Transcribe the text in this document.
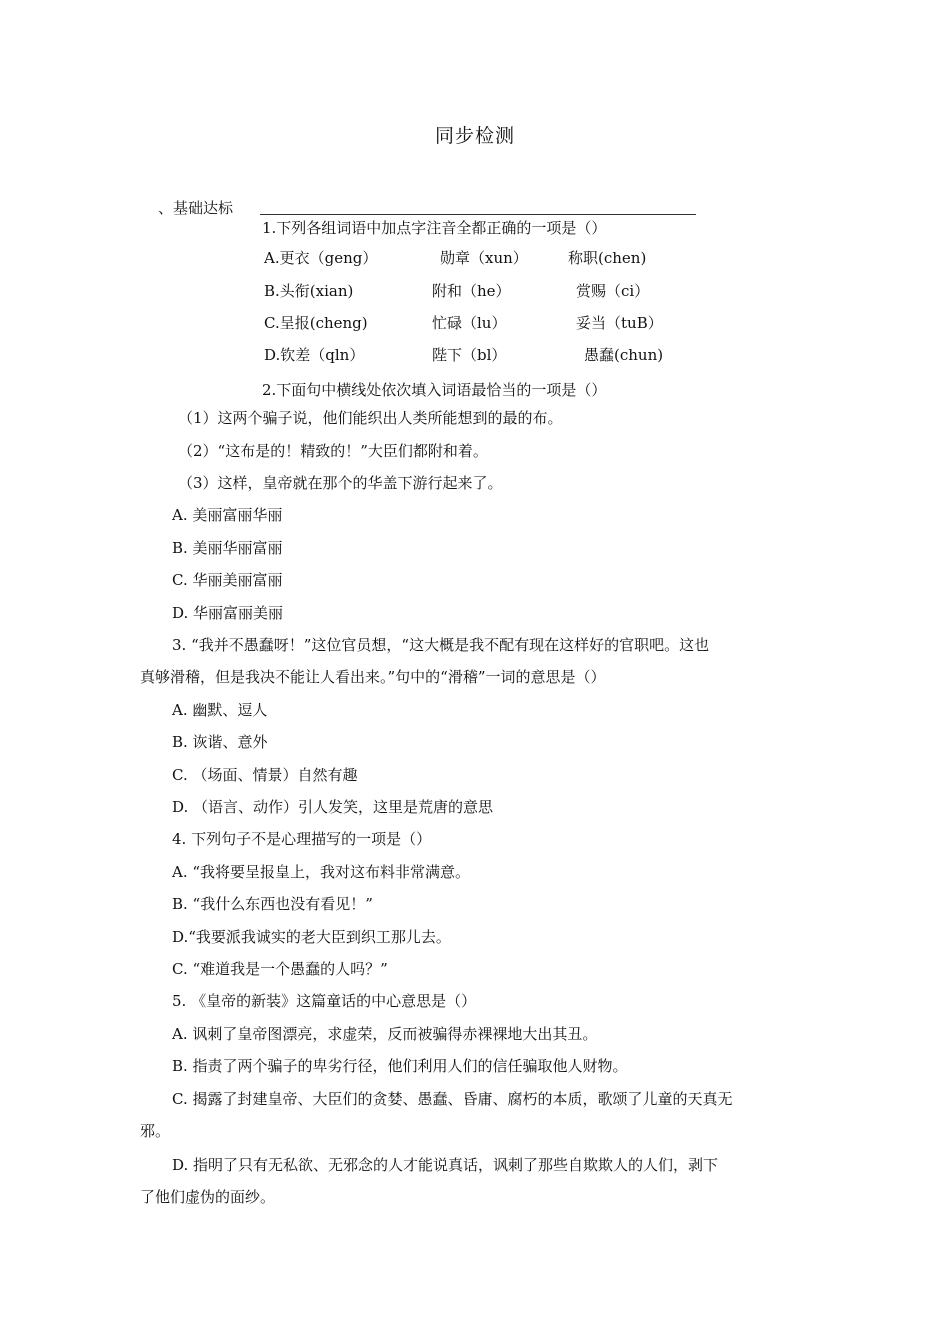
同步检测
、基础达标
1.下列各组词语中加点字注音全都正确的一项是（）
A.更衣（geng）	勋章（xun）	称职(chen)
B.头衔(xian)	附和（he）	赏赐（ci）
C.呈报(cheng)	忙碌（lu）	妥当（tuB）
D.钦差（qln）	陛下（bl）	愚蠢(chun)
2.下面句中横线处依次填入词语最恰当的一项是（）
（1）这两个骗子说，他们能织出人类所能想到的最的布。
（2）“这布是的！精致的！”大臣们都附和着。
（3）这样，皇帝就在那个的华盖下游行起来了。
A. 美丽富丽华丽
B. 美丽华丽富丽
C. 华丽美丽富丽
D. 华丽富丽美丽
3. “我并不愚蠢呀！”这位官员想，“这大概是我不配有现在这样好的官职吧。这也
真够滑稽，但是我决不能让人看出来。”句中的“滑稽”一词的意思是（）
A. 幽默、逗人
B. 诙谐、意外
C. （场面、情景）自然有趣
D. （语言、动作）引人发笑，这里是荒唐的意思
4. 下列句子不是心理描写的一项是（）
A. “我将要呈报皇上，我对这布料非常满意。
B. “我什么东西也没有看见！”
D.“我要派我诚实的老大臣到织工那儿去。
C. “难道我是一个愚蠢的人吗？”
5. 《皇帝的新装》这篇童话的中心意思是（）
A. 讽刺了皇帝图漂亮，求虚荣，反而被骗得赤裸裸地大出其丑。
B. 指责了两个骗子的卑劣行径，他们利用人们的信任骗取他人财物。
C. 揭露了封建皇帝、大臣们的贪婪、愚蠢、昏庸、腐朽的本质，歌颂了儿童的天真无
邪。
D. 指明了只有无私欲、无邪念的人才能说真话，讽刺了那些自欺欺人的人们，剥下
了他们虚伪的面纱。
